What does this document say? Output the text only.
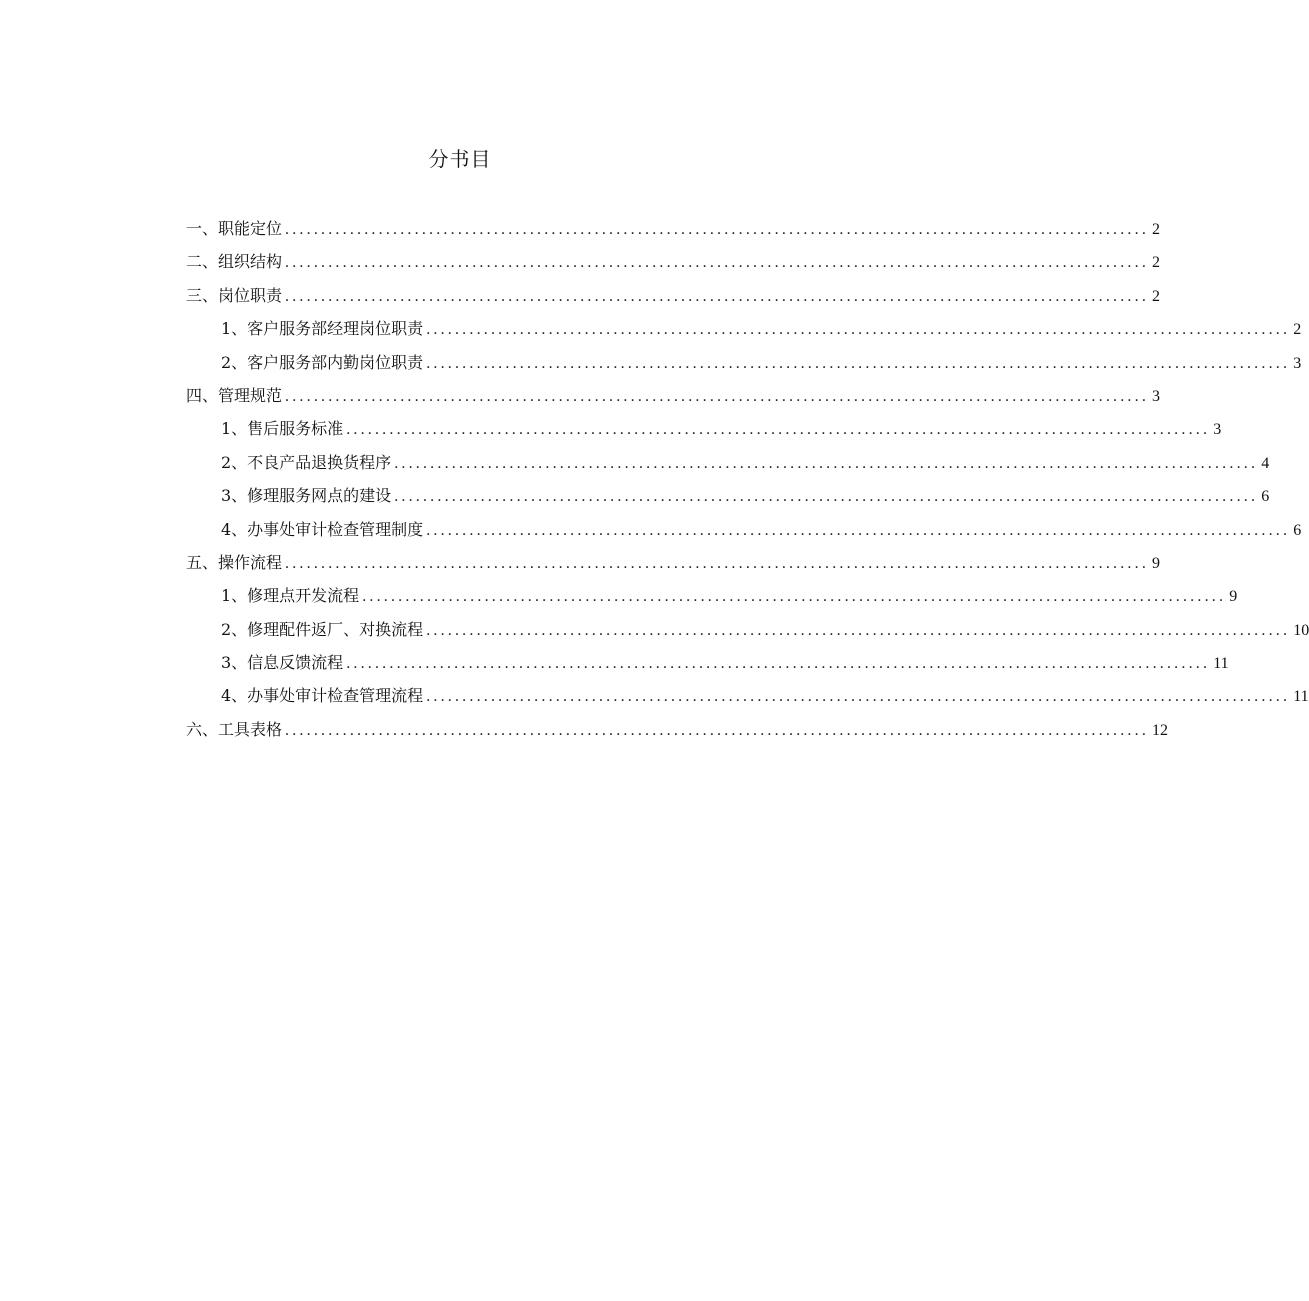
分书目
一、职能定位 ........................................................................................................................ 2
二、组织结构 ........................................................................................................................ 2
三、岗位职责 ........................................................................................................................ 2
1、客户服务部经理岗位职责 ........................................................................................................................ 2
2、客户服务部内勤岗位职责 ........................................................................................................................ 3
四、管理规范 ........................................................................................................................ 3
1、售后服务标准 ........................................................................................................................ 3
2、不良产品退换货程序 ........................................................................................................................ 4
3、修理服务网点的建设 ........................................................................................................................ 6
4、办事处审计检查管理制度 ........................................................................................................................ 6
五、操作流程 ........................................................................................................................ 9
1、修理点开发流程 ........................................................................................................................ 9
2、修理配件返厂、对换流程 ........................................................................................................................ 10
3、信息反馈流程 ........................................................................................................................ 11
4、办事处审计检查管理流程 ........................................................................................................................ 11
六、工具表格 ........................................................................................................................ 12
